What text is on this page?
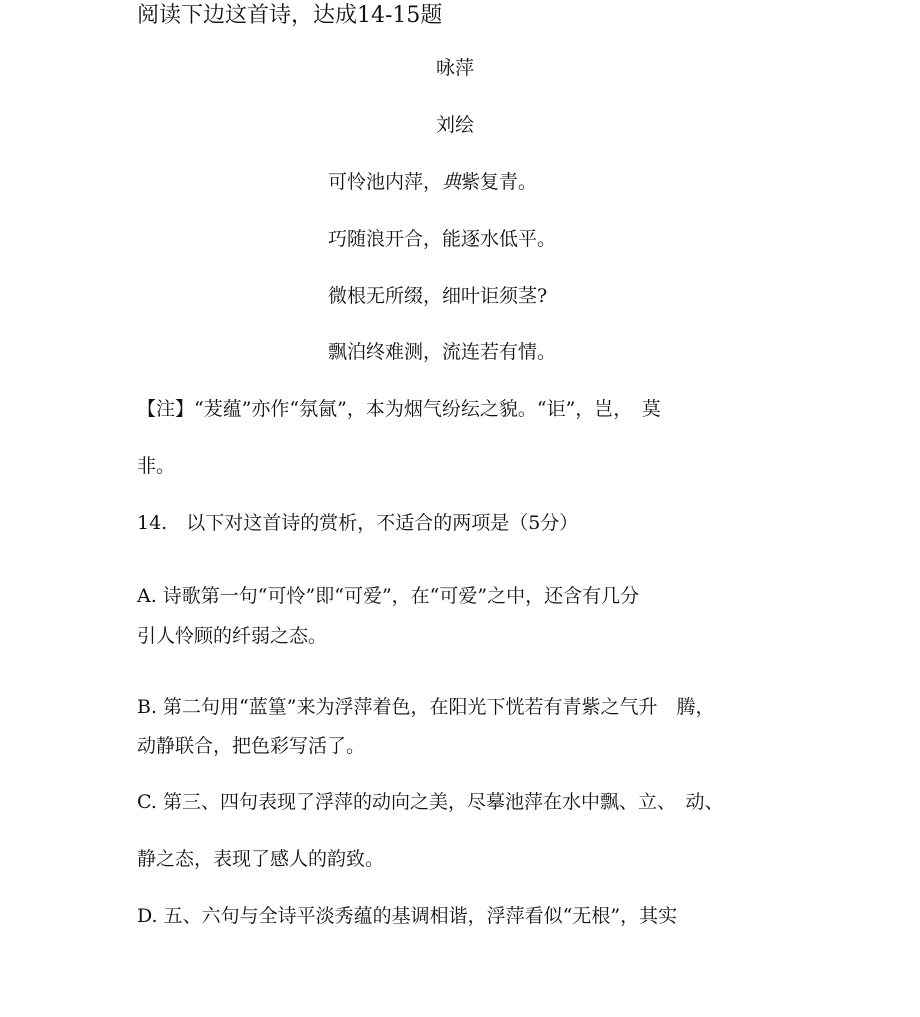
阅读下边这首诗，达成14-15题
咏萍
刘绘
可怜池内萍，典紫复青。
巧随浪开合，能逐水低平。
微根无所缀，细叶讵须茎?
飘泊终难测，流连若有情。
【注】“茇蕴”亦作“氛氤”，本为烟气纷纭之貌。“讵”，岂，　莫
非。
14.　以下对这首诗的赏析，不适合的两项是（5分）
A. 诗歌第一句“可怜”即“可爱”，在“可爱”之中，还含有几分
引人怜顾的纤弱之态。
B. 第二句用“蓝篁”来为浮萍着色，在阳光下恍若有青紫之气升　腾，
动静联合，把色彩写活了。
C. 第三、四句表现了浮萍的动向之美，尽摹池萍在水中飘、立、　动、
静之态，表现了感人的韵致。
D. 五、六句与全诗平淡秀蕴的基调相谐，浮萍看似“无根”，其实
